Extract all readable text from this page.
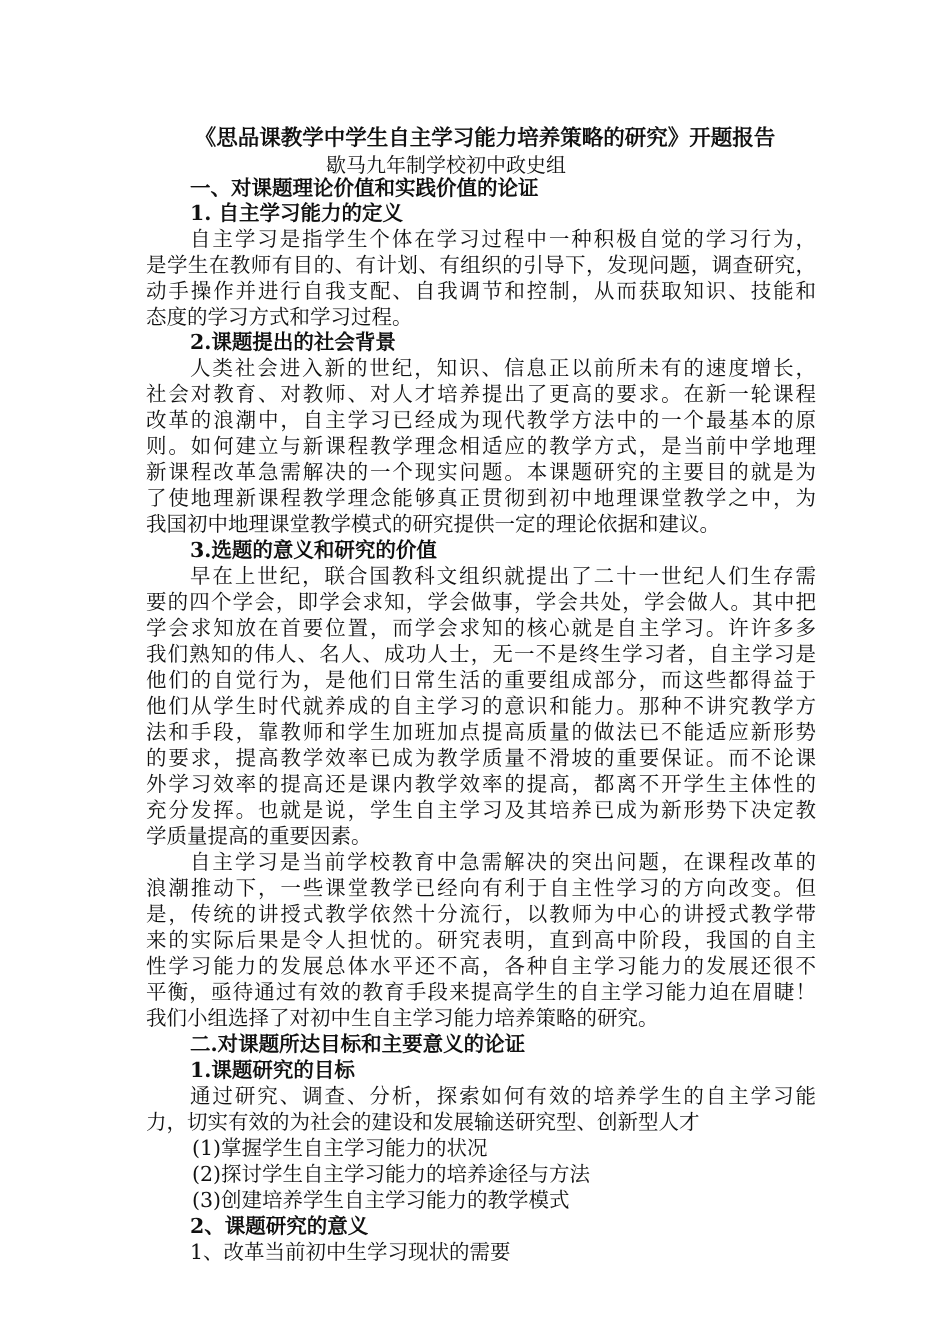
《思品课教学中学生自主学习能力培养策略的研究》开题报告
歇马九年制学校初中政史组
一、对课题理论价值和实践价值的论证
1. 自主学习能力的定义
自主学习是指学生个体在学习过程中一种积极自觉的学习行为，
是学生在教师有目的、有计划、有组织的引导下，发现问题，调查研究，
动手操作并进行自我支配、自我调节和控制，从而获取知识、技能和
态度的学习方式和学习过程。
2.课题提出的社会背景
人类社会进入新的世纪，知识、信息正以前所未有的速度增长，
社会对教育、对教师、对人才培养提出了更高的要求。在新一轮课程
改革的浪潮中，自主学习已经成为现代教学方法中的一个最基本的原
则。如何建立与新课程教学理念相适应的教学方式，是当前中学地理
新课程改革急需解决的一个现实问题。本课题研究的主要目的就是为
了使地理新课程教学理念能够真正贯彻到初中地理课堂教学之中，为
我国初中地理课堂教学模式的研究提供一定的理论依据和建议。
3.选题的意义和研究的价值
早在上世纪，联合国教科文组织就提出了二十一世纪人们生存需
要的四个学会，即学会求知，学会做事，学会共处，学会做人。其中把
学会求知放在首要位置，而学会求知的核心就是自主学习。许许多多
我们熟知的伟人、名人、成功人士，无一不是终生学习者，自主学习是
他们的自觉行为，是他们日常生活的重要组成部分，而这些都得益于
他们从学生时代就养成的自主学习的意识和能力。那种不讲究教学方
法和手段，靠教师和学生加班加点提高质量的做法已不能适应新形势
的要求，提高教学效率已成为教学质量不滑坡的重要保证。而不论课
外学习效率的提高还是课内教学效率的提高，都离不开学生主体性的
充分发挥。也就是说，学生自主学习及其培养已成为新形势下决定教
学质量提高的重要因素。
自主学习是当前学校教育中急需解决的突出问题，在课程改革的
浪潮推动下，一些课堂教学已经向有利于自主性学习的方向改变。但
是，传统的讲授式教学依然十分流行，以教师为中心的讲授式教学带
来的实际后果是令人担忧的。研究表明，直到高中阶段，我国的自主
性学习能力的发展总体水平还不高，各种自主学习能力的发展还很不
平衡，亟待通过有效的教育手段来提高学生的自主学习能力迫在眉睫！
我们小组选择了对初中生自主学习能力培养策略的研究。
二.对课题所达目标和主要意义的论证
1.课题研究的目标
通过研究、调查、分析，探索如何有效的培养学生的自主学习能
力，切实有效的为社会的建设和发展输送研究型、创新型人才
(1)掌握学生自主学习能力的状况
(2)探讨学生自主学习能力的培养途径与方法
(3)创建培养学生自主学习能力的教学模式
2、课题研究的意义
1、改革当前初中生学习现状的需要
